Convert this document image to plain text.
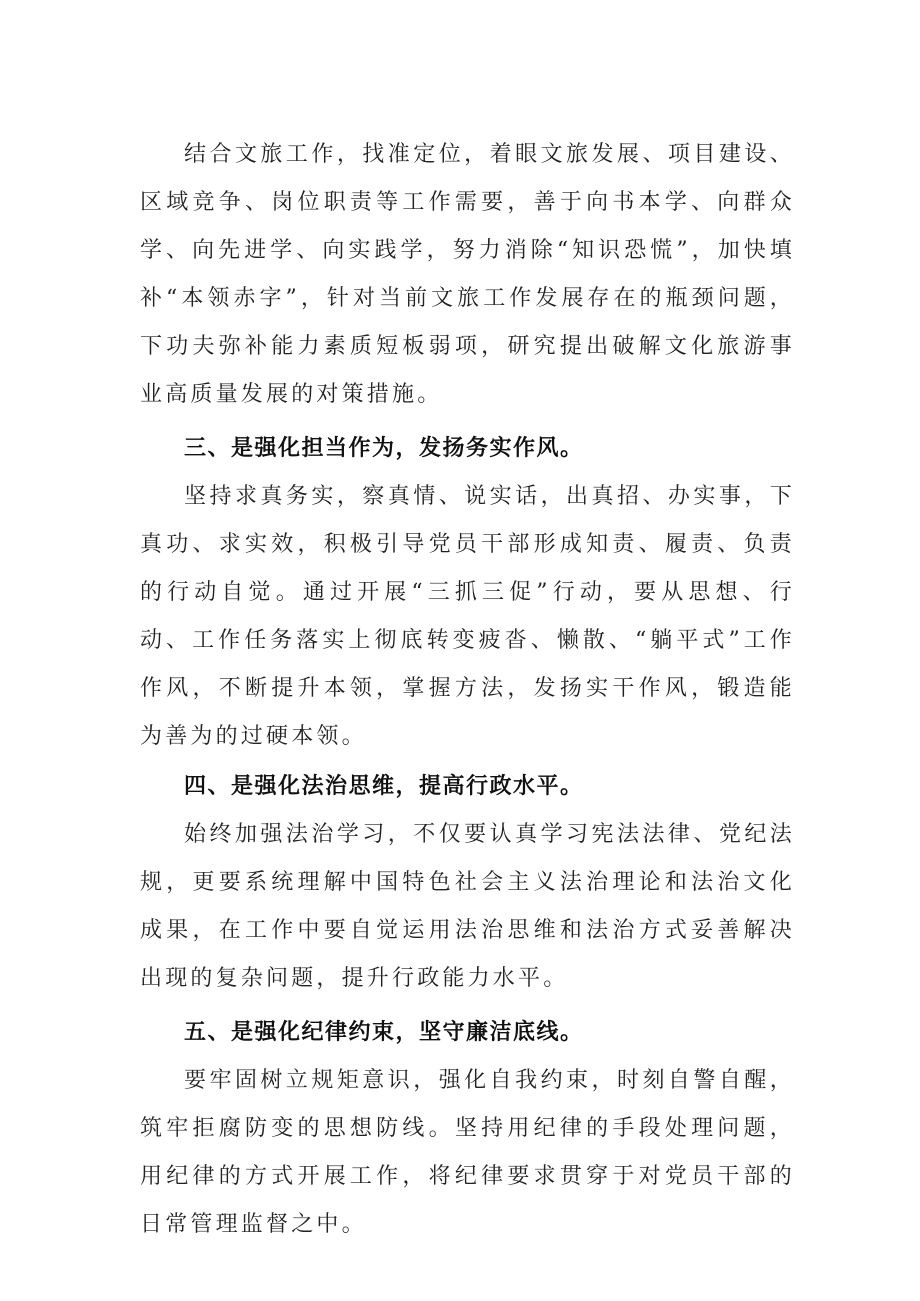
结合文旅工作，找准定位，着眼文旅发展、项目建设、区域竞争、岗位职责等工作需要，善于向书本学、向群众学、向先进学、向实践学，努力消除“知识恐慌”，加快填补“本领赤字”，针对当前文旅工作发展存在的瓶颈问题，下功夫弥补能力素质短板弱项，研究提出破解文化旅游事业高质量发展的对策措施。

三、是强化担当作为，发扬务实作风。

坚持求真务实，察真情、说实话，出真招、办实事，下真功、求实效，积极引导党员干部形成知责、履责、负责的行动自觉。通过开展“三抓三促”行动，要从思想、行动、工作任务落实上彻底转变疲沓、懒散、“躺平式”工作作风，不断提升本领，掌握方法，发扬实干作风，锻造能为善为的过硬本领。

四、是强化法治思维，提高行政水平。

始终加强法治学习，不仅要认真学习宪法法律、党纪法规，更要系统理解中国特色社会主义法治理论和法治文化成果，在工作中要自觉运用法治思维和法治方式妥善解决出现的复杂问题，提升行政能力水平。

五、是强化纪律约束，坚守廉洁底线。

要牢固树立规矩意识，强化自我约束，时刻自警自醒，筑牢拒腐防变的思想防线。坚持用纪律的手段处理问题，用纪律的方式开展工作，将纪律要求贯穿于对党员干部的日常管理监督之中。
